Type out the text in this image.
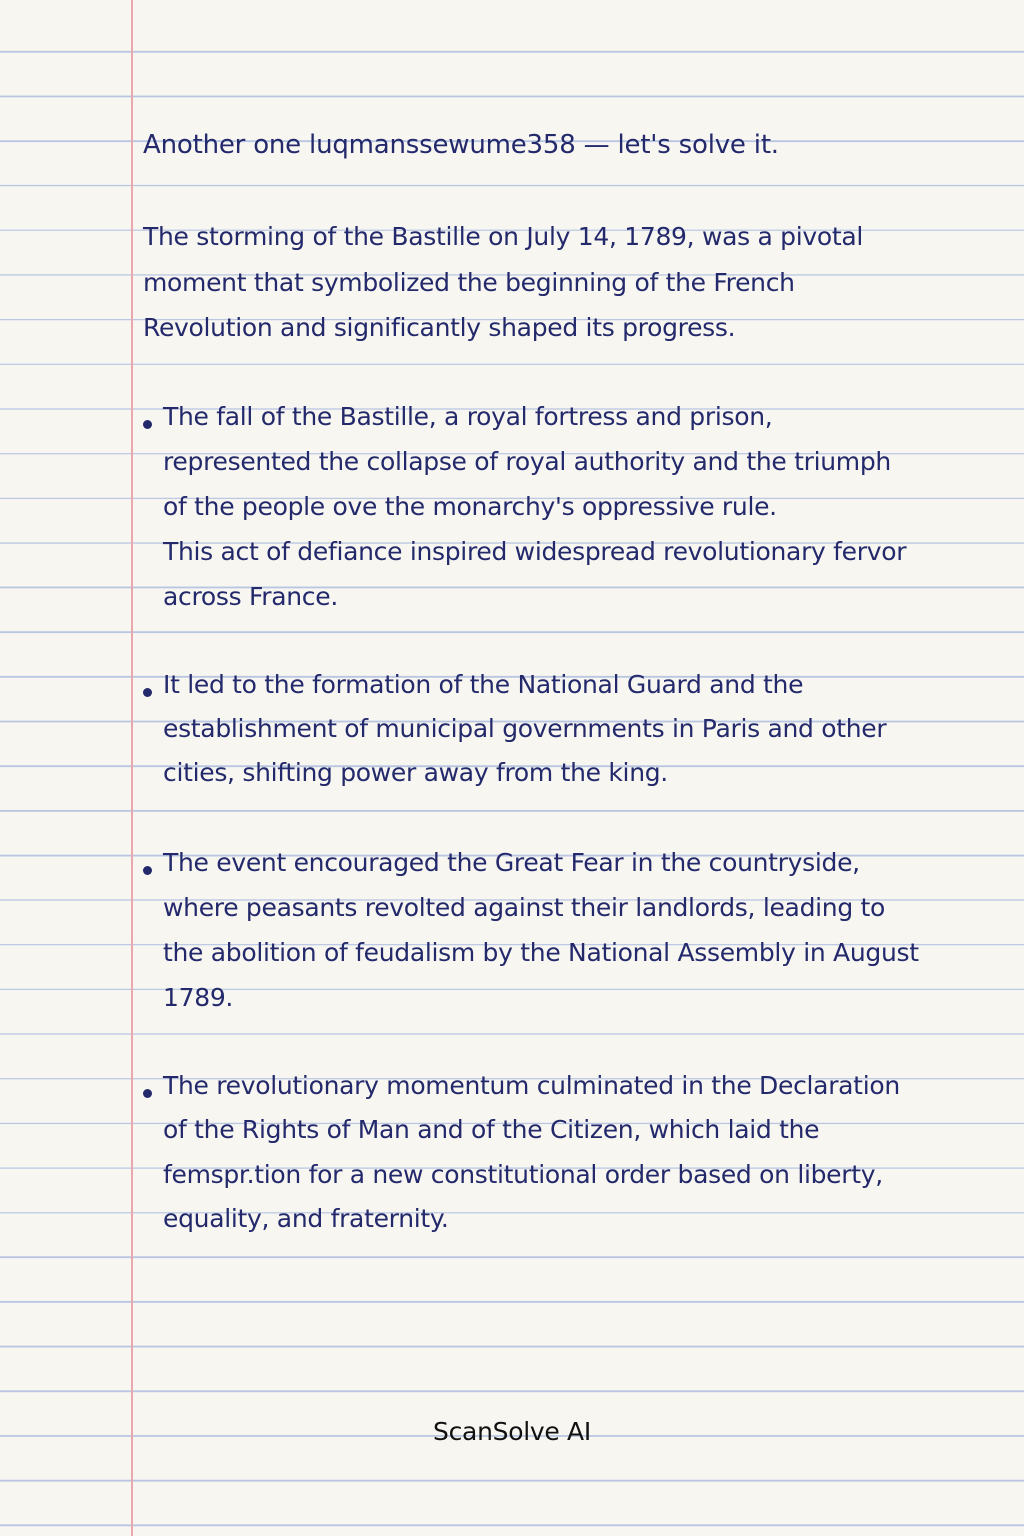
Another one luqmanssewume358 — let's solve it.
The storming of the Bastille on July 14, 1789, was a pivotal
moment that symbolized the beginning of the French
Revolution and significantly shaped its progress.
The fall of the Bastille, a royal fortress and prison,
represented the collapse of royal authority and the triumph
of the people ove the monarchy's oppressive rule.
This act of defiance inspired widespread revolutionary fervor
across France.
It led to the formation of the National Guard and the
establishment of municipal governments in Paris and other
cities, shifting power away from the king.
The event encouraged the Great Fear in the countryside,
where peasants revolted against their landlords, leading to
the abolition of feudalism by the National Assembly in August
1789.
The revolutionary momentum culminated in the Declaration
of the Rights of Man and of the Citizen, which laid the
femspr.tion for a new constitutional order based on liberty,
equality, and fraternity.
ScanSolve AI
